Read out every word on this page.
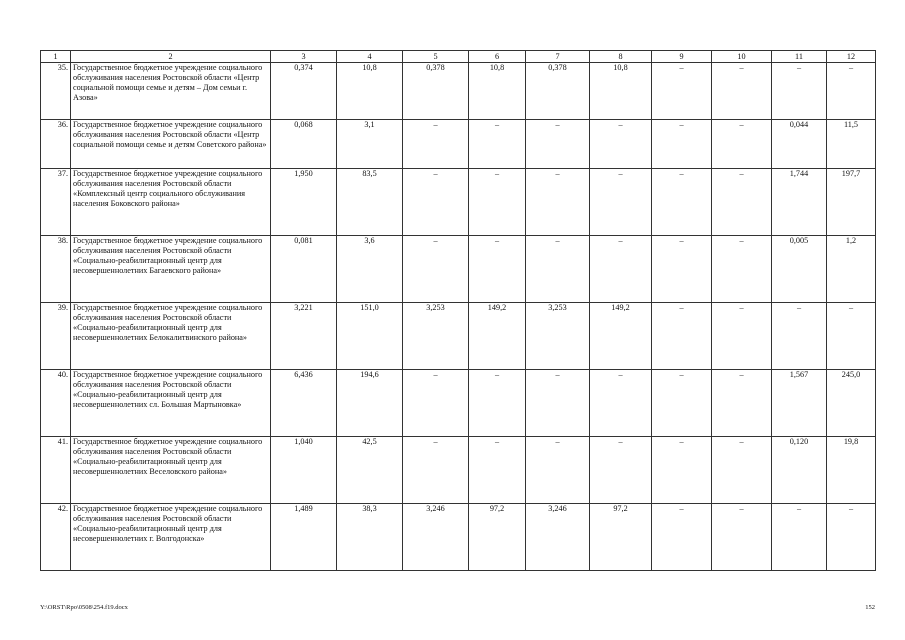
1	2	3	4	5	6	7	8	9	10	11	12
35.	Государственное бюджетное учреждение социального обслуживания населения Ростовской области «Центр социальной помощи семье и детям – Дом семьи г. Азова»	0,374	10,8	0,378	10,8	0,378	10,8	–	–	–	–
36.	Государственное бюджетное учреждение социального обслуживания населения Ростовской области «Центр социальной помощи семье и детям Советского района»	0,068	3,1	–	–	–	–	–	–	0,044	11,5
37.	Государственное бюджетное учреждение социального обслуживания населения Ростовской области «Комплексный центр социального обслуживания населения Боковского района»	1,950	83,5	–	–	–	–	–	–	1,744	197,7
38.	Государственное бюджетное учреждение социального обслуживания населения Ростовской области «Социально-реабилитационный центр для несовершеннолетних Багаевского района»	0,081	3,6	–	–	–	–	–	–	0,005	1,2
39.	Государственное бюджетное учреждение социального обслуживания населения Ростовской области «Социально-реабилитационный центр для несовершеннолетних Белокалитвинского района»	3,221	151,0	3,253	149,2	3,253	149,2	–	–	–	–
40.	Государственное бюджетное учреждение социального обслуживания населения Ростовской области «Социально-реабилитационный центр для несовершеннолетних сл. Большая Мартыновка»	6,436	194,6	–	–	–	–	–	–	1,567	245,0
41.	Государственное бюджетное учреждение социального обслуживания населения Ростовской области «Социально-реабилитационный центр для несовершеннолетних Веселовского района»	1,040	42,5	–	–	–	–	–	–	0,120	19,8
42.	Государственное бюджетное учреждение социального обслуживания населения Ростовской области «Социально-реабилитационный центр для несовершеннолетних г. Волгодонска»	1,489	38,3	3,246	97,2	3,246	97,2	–	–	–	–
Y:\ORST\Rpo\0508\254.f19.docx	152
